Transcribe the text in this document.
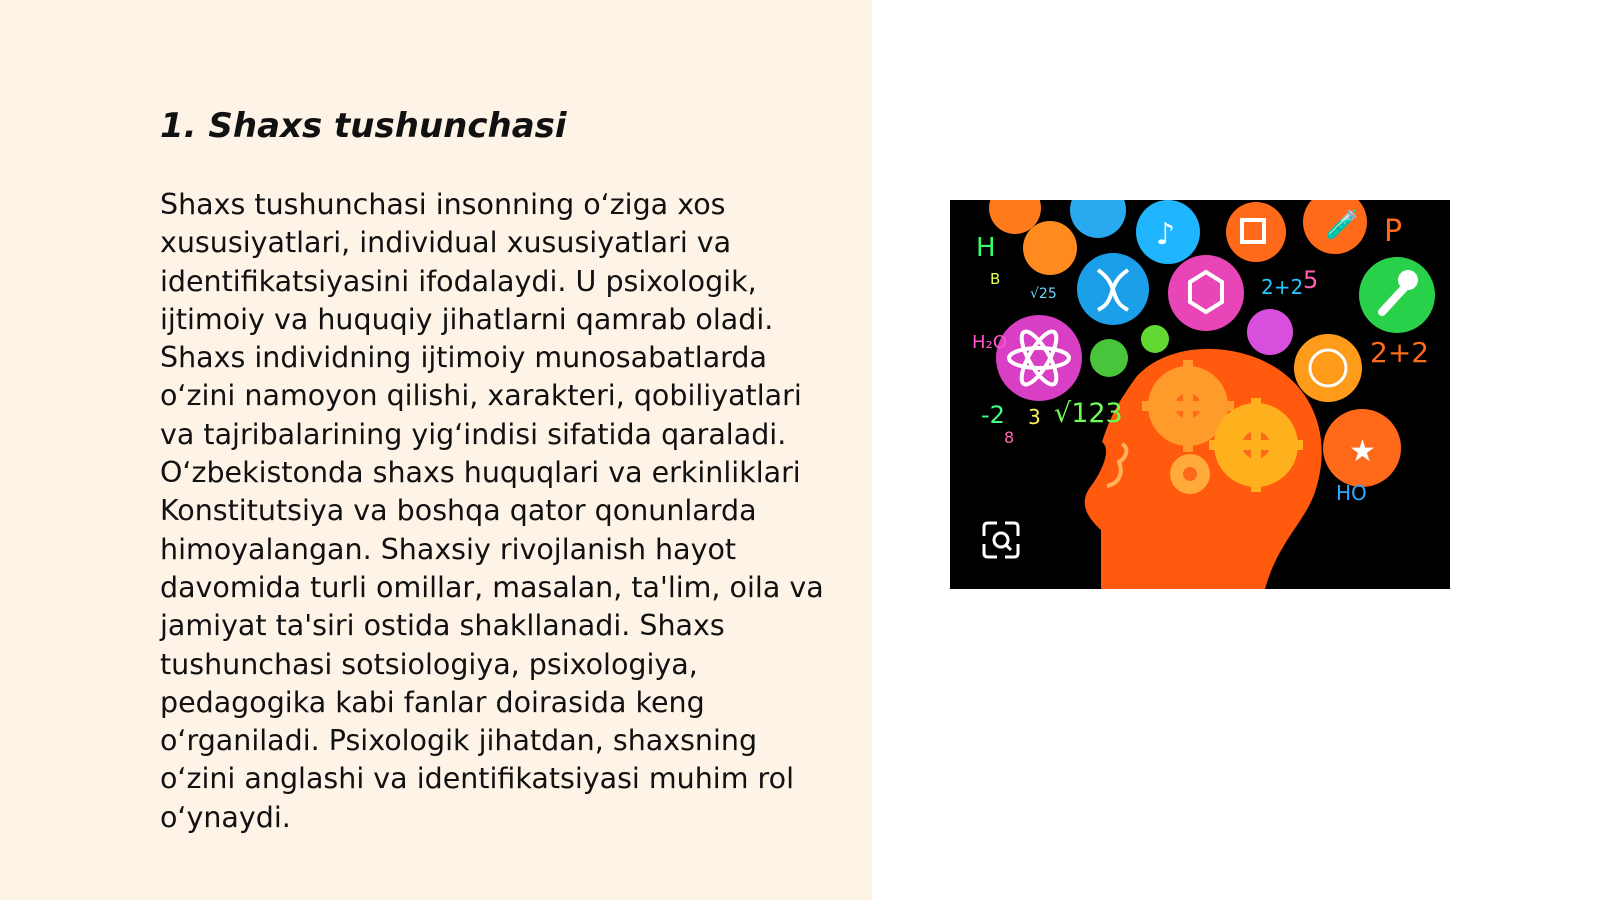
1. Shaxs tushunchasi

Shaxs tushunchasi insonning oʻziga xos xususiyatlari, individual xususiyatlari va identifikatsiyasini ifodalaydi. U psixologik, ijtimoiy va huquqiy jihatlarni qamrab oladi. Shaxs individning ijtimoiy munosabatlarda oʻzini namoyon qilishi, xarakteri, qobiliyatlari va tajribalarining yigʻindisi sifatida qaraladi. Oʻzbekistonda shaxs huquqlari va erkinliklari Konstitutsiya va boshqa qator qonunlarda himoyalangan. Shaxsiy rivojlanish hayot davomida turli omillar, masalan, ta'lim, oila va jamiyat ta'siri ostida shakllanadi. Shaxs tushunchasi sotsiologiya, psixologiya, pedagogika kabi fanlar doirasida keng oʻrganiladi. Psixologik jihatdan, shaxsning oʻzini anglashi va identifikatsiyasi muhim rol oʻynaydi.

♪	🧪
★
H
B	2+2 5
P
2+2
√123
-2 3
8
HO
H₂O
√25
